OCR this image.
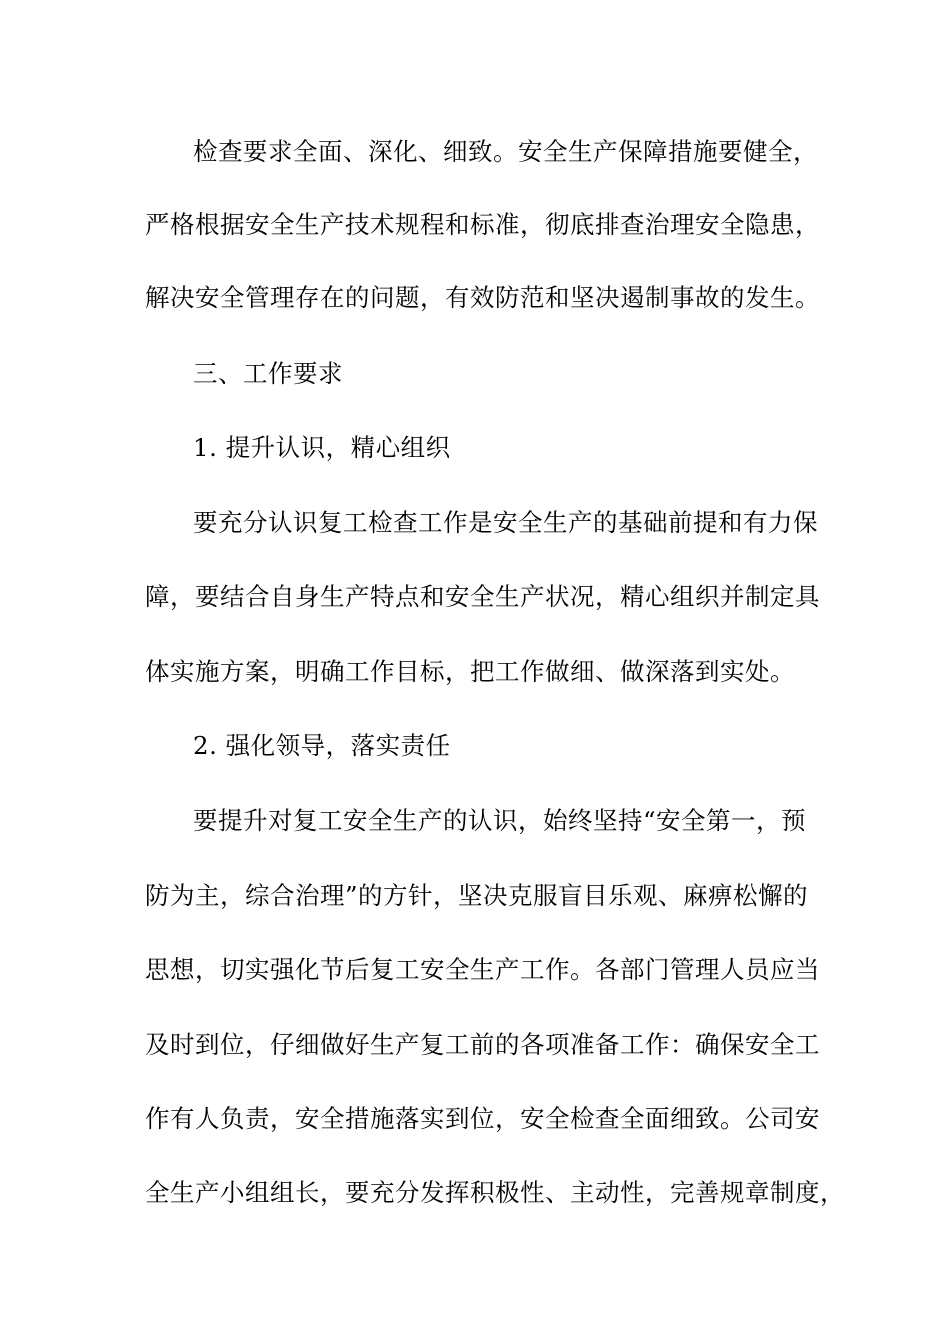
检查要求全面、深化、细致。安全生产保障措施要健全，
严格根据安全生产技术规程和标准，彻底排查治理安全隐患，
解决安全管理存在的问题，有效防范和坚决遏制事故的发生。
三、工作要求
1. 提升认识，精心组织
要充分认识复工检查工作是安全生产的基础前提和有力保
障，要结合自身生产特点和安全生产状况，精心组织并制定具
体实施方案，明确工作目标，把工作做细、做深落到实处。
2. 强化领导，落实责任
要提升对复工安全生产的认识，始终坚持“安全第一，预
防为主，综合治理”的方针，坚决克服盲目乐观、麻痹松懈的
思想，切实强化节后复工安全生产工作。各部门管理人员应当
及时到位，仔细做好生产复工前的各项准备工作：确保安全工
作有人负责，安全措施落实到位，安全检查全面细致。公司安
全生产小组组长，要充分发挥积极性、主动性，完善规章制度，
